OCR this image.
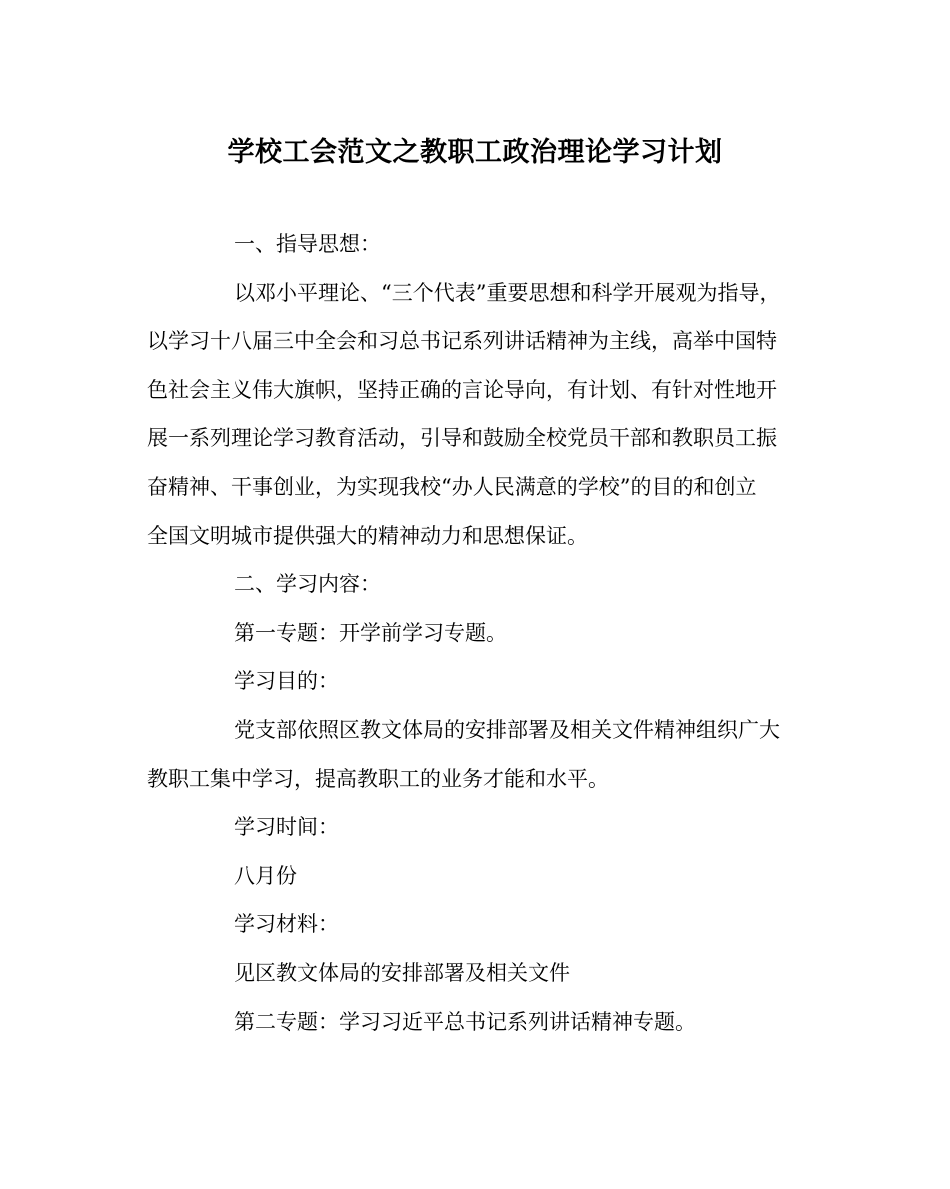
学校工会范文之教职工政治理论学习计划

一、指导思想：

以邓小平理论、“三个代表”重要思想和科学开展观为指导，

以学习十八届三中全会和习总书记系列讲话精神为主线，高举中国特
色社会主义伟大旗帜，坚持正确的言论导向，有计划、有针对性地开
展一系列理论学习教育活动，引导和鼓励全校党员干部和教职员工振
奋精神、干事创业，为实现我校“办人民满意的学校”的目的和创立
全国文明城市提供强大的精神动力和思想保证。

二、学习内容：

第一专题：开学前学习专题。

学习目的：

党支部依照区教文体局的安排部署及相关文件精神组织广大

教职工集中学习，提高教职工的业务才能和水平。

学习时间：

八月份

学习材料：

见区教文体局的安排部署及相关文件

第二专题：学习习近平总书记系列讲话精神专题。
